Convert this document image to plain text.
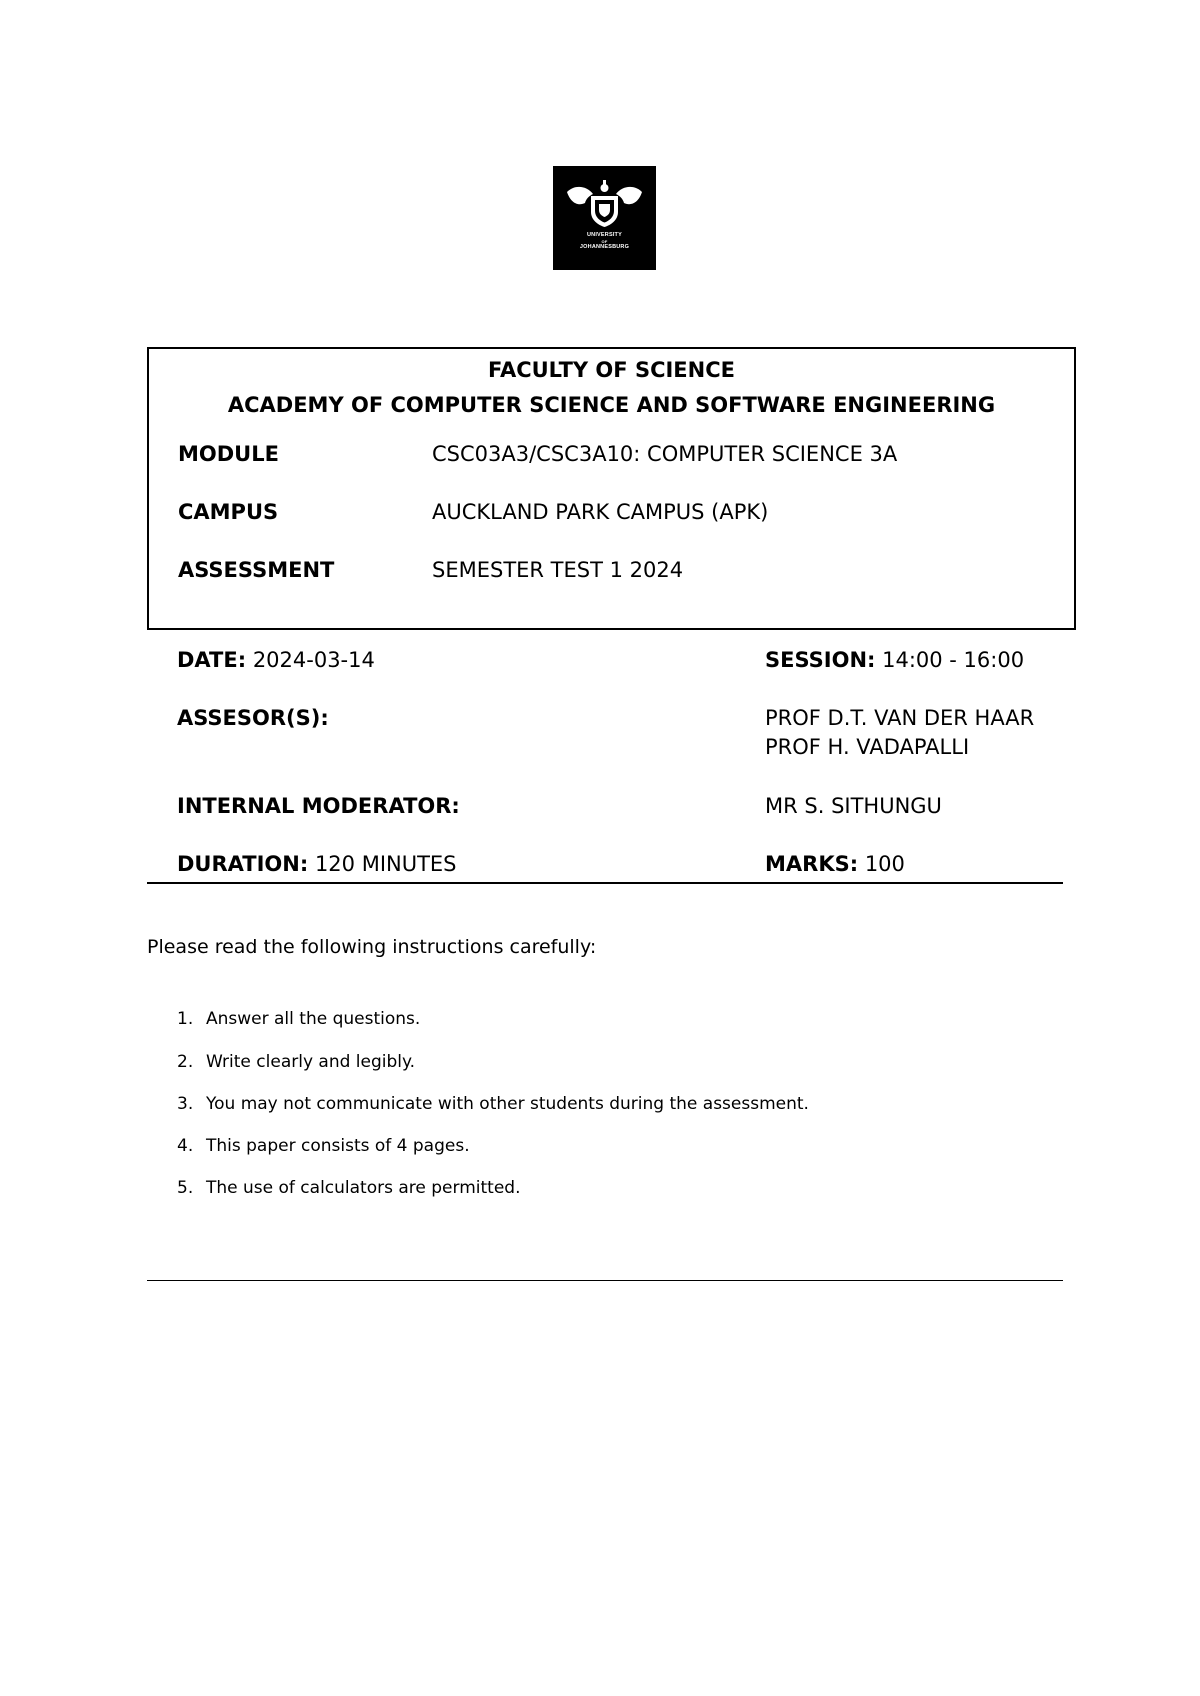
UNIVERSITY
OF
JOHANNESBURG
FACULTY OF SCIENCE
ACADEMY OF COMPUTER SCIENCE AND SOFTWARE ENGINEERING
MODULE	CSC03A3/CSC3A10: COMPUTER SCIENCE 3A
CAMPUS	AUCKLAND PARK CAMPUS (APK)
ASSESSMENT	SEMESTER TEST 1 2024
DATE: 2024-03-14	SESSION: 14:00 - 16:00
ASSESOR(S):	PROF D.T. VAN DER HAAR
PROF H. VADAPALLI
INTERNAL MODERATOR:	MR S. SITHUNGU
DURATION: 120 MINUTES	MARKS: 100
Please read the following instructions carefully:
1. Answer all the questions.
2. Write clearly and legibly.
3. You may not communicate with other students during the assessment.
4. This paper consists of 4 pages.
5. The use of calculators are permitted.
